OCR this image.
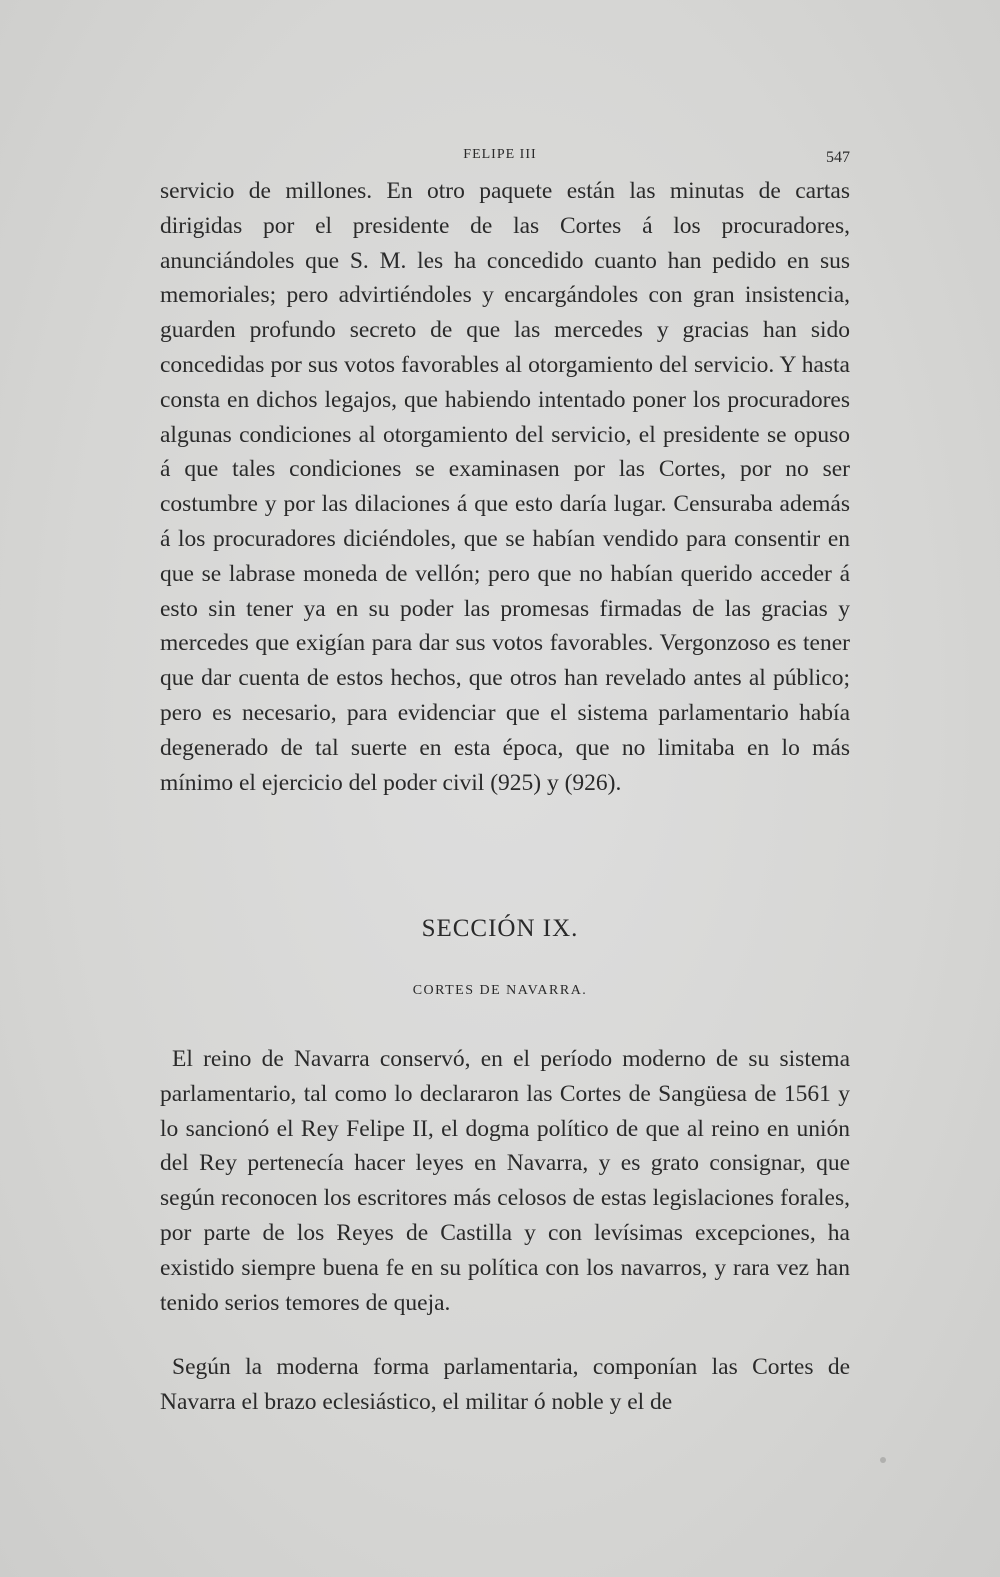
FELIPE III	547

servicio de millones. En otro paquete están las minutas de cartas dirigidas por el presidente de las Cortes á los procuradores, anunciándoles que S. M. les ha concedido cuanto han pedido en sus memoriales; pero advirtiéndoles y encargándoles con gran insistencia, guarden profundo secreto de que las mercedes y gracias han sido concedidas por sus votos favorables al otorgamiento del servicio. Y hasta consta en dichos legajos, que habiendo intentado poner los procuradores algunas condiciones al otorgamiento del servicio, el presidente se opuso á que tales condiciones se examinasen por las Cortes, por no ser costumbre y por las dilaciones á que esto daría lugar. Censuraba además á los procuradores diciéndoles, que se habían vendido para consentir en que se labrase moneda de vellón; pero que no habían querido acceder á esto sin tener ya en su poder las promesas firmadas de las gracias y mercedes que exigían para dar sus votos favorables. Vergonzoso es tener que dar cuenta de estos hechos, que otros han revelado antes al público; pero es necesario, para evidenciar que el sistema parlamentario había degenerado de tal suerte en esta época, que no limitaba en lo más mínimo el ejercicio del poder civil (925) y (926).

SECCIÓN IX.
CORTES DE NAVARRA.

El reino de Navarra conservó, en el período moderno de su sistema parlamentario, tal como lo declararon las Cortes de Sangüesa de 1561 y lo sancionó el Rey Felipe II, el dogma político de que al reino en unión del Rey pertenecía hacer leyes en Navarra, y es grato consignar, que según reconocen los escritores más celosos de estas legislaciones forales, por parte de los Reyes de Castilla y con levísimas excepciones, ha existido siempre buena fe en su política con los navarros, y rara vez han tenido serios temores de queja.

Según la moderna forma parlamentaria, componían las Cortes de Navarra el brazo eclesiástico, el militar ó noble y el de
